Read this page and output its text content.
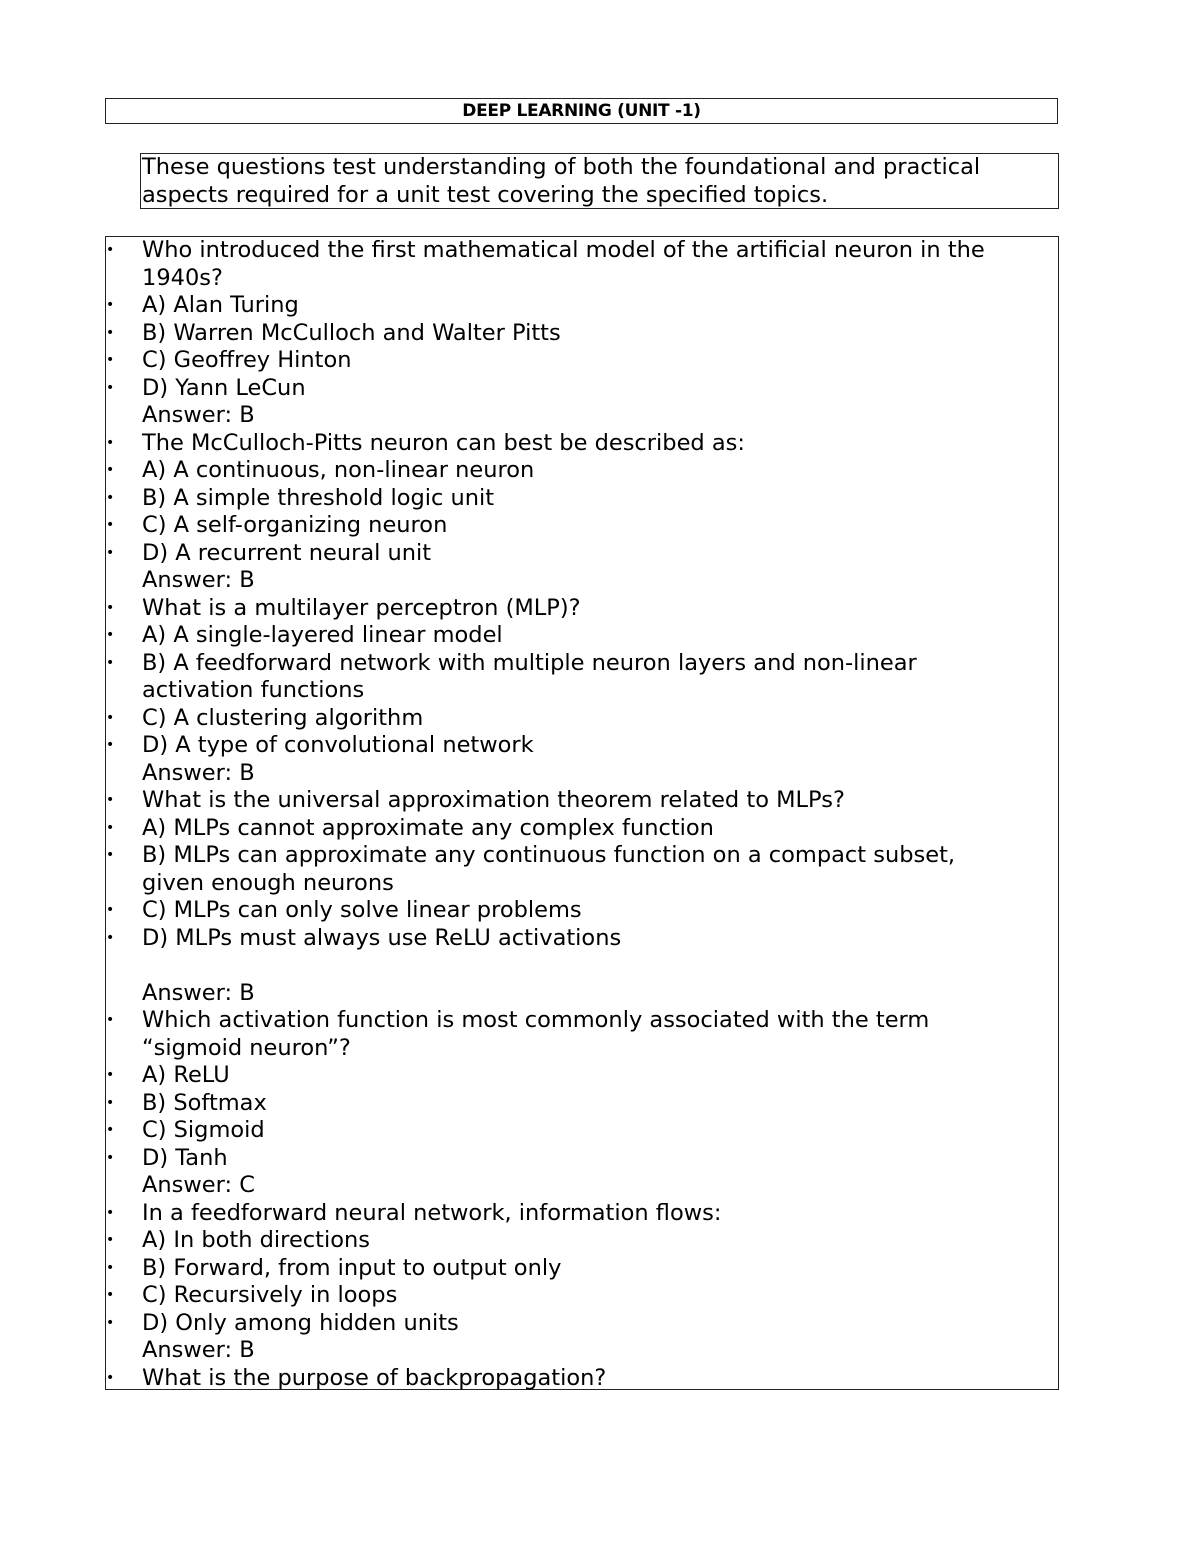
DEEP LEARNING (UNIT -1)
These questions test understanding of both the foundational and practical aspects required for a unit test covering the specified topics.
• Who introduced the first mathematical model of the artificial neuron in the
1940s?
• A) Alan Turing
• B) Warren McCulloch and Walter Pitts
• C) Geoffrey Hinton
• D) Yann LeCun
Answer: B
• The McCulloch-Pitts neuron can best be described as:
• A) A continuous, non-linear neuron
• B) A simple threshold logic unit
• C) A self-organizing neuron
• D) A recurrent neural unit
Answer: B
• What is a multilayer perceptron (MLP)?
• A) A single-layered linear model
• B) A feedforward network with multiple neuron layers and non-linear
activation functions
• C) A clustering algorithm
• D) A type of convolutional network
Answer: B
• What is the universal approximation theorem related to MLPs?
• A) MLPs cannot approximate any complex function
• B) MLPs can approximate any continuous function on a compact subset,
given enough neurons
• C) MLPs can only solve linear problems
• D) MLPs must always use ReLU activations
Answer: B
• Which activation function is most commonly associated with the term
“sigmoid neuron”?
• A) ReLU
• B) Softmax
• C) Sigmoid
• D) Tanh
Answer: C
• In a feedforward neural network, information flows:
• A) In both directions
• B) Forward, from input to output only
• C) Recursively in loops
• D) Only among hidden units
Answer: B
• What is the purpose of backpropagation?
